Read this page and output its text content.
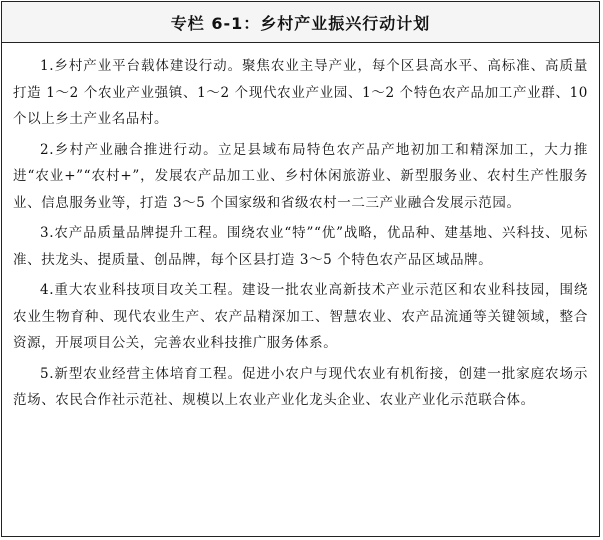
专栏 6-1：乡村产业振兴行动计划

1.乡村产业平台载体建设行动。聚焦农业主导产业，每个区县高水平、高标准、高质量打造 1～2 个农业产业强镇、1～2 个现代农业产业园、1～2 个特色农产品加工产业群、10 个以上乡土产业名品村。

2.乡村产业融合推进行动。立足县域布局特色农产品产地初加工和精深加工，大力推进“农业+”“农村+”，发展农产品加工业、乡村休闲旅游业、新型服务业、农村生产性服务业、信息服务业等，打造 3～5 个国家级和省级农村一二三产业融合发展示范园。

3.农产品质量品牌提升工程。围绕农业“特”“优”战略，优品种、建基地、兴科技、见标准、扶龙头、提质量、创品牌，每个区县打造 3～5 个特色农产品区域品牌。

4.重大农业科技项目攻关工程。建设一批农业高新技术产业示范区和农业科技园，围绕农业生物育种、现代农业生产、农产品精深加工、智慧农业、农产品流通等关键领域，整合资源，开展项目公关，完善农业科技推广服务体系。

5.新型农业经营主体培育工程。促进小农户与现代农业有机衔接，创建一批家庭农场示范场、农民合作社示范社、规模以上农业产业化龙头企业、农业产业化示范联合体。
